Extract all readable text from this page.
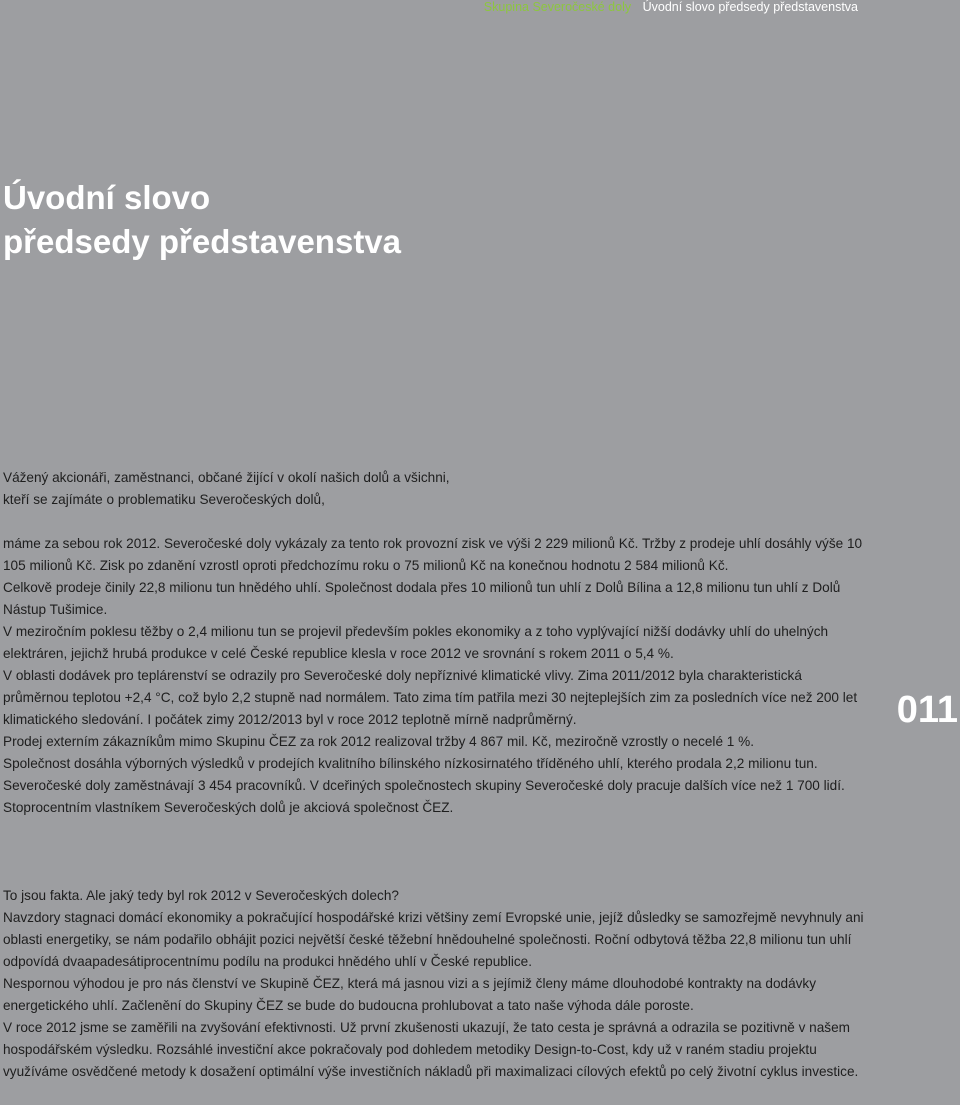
Skupina Severočeské doly Úvodní slovo předsedy představenstva
Úvodní slovo
předsedy představenstva
011

Vážený akcionáři, zaměstnanci, občané žijící v okolí našich dolů a všichni,

kteří se zajímáte o problematiku Severočeských dolů,

máme za sebou rok 2012. Severočeské doly vykázaly za tento rok provozní zisk ve výši 2 229 milionů Kč. Tržby z prodeje uhlí dosáhly výše 10 105 milionů Kč. Zisk po zdanění vzrostl oproti předchozímu roku o 75 milionů Kč na konečnou hodnotu 2 584 milionů Kč.

Celkově prodeje činily 22,8 milionu tun hnědého uhlí. Společnost dodala přes 10 milionů tun uhlí z Dolů Bílina a 12,8 milionu tun uhlí z Dolů Nástup Tušimice.

V meziročním poklesu těžby o 2,4 milionu tun se projevil především pokles ekonomiky a z toho vyplývající nižší dodávky uhlí do uhelných elektráren, jejichž hrubá produkce v celé České republice klesla v roce 2012 ve srovnání s rokem 2011 o 5,4 %.

V oblasti dodávek pro teplárenství se odrazily pro Severočeské doly nepříznivé klimatické vlivy. Zima 2011/2012 byla charakteristická průměrnou teplotou +2,4 °C, což bylo 2,2 stupně nad normálem. Tato zima tím patřila mezi 30 nejteplejších zim za posledních více než 200 let klimatického sledování. I počátek zimy 2012/2013 byl v roce 2012 teplotně mírně nadprůměrný.

Prodej externím zákazníkům mimo Skupinu ČEZ za rok 2012 realizoval tržby 4 867 mil. Kč, meziročně vzrostly o necelé 1 %.

Společnost dosáhla výborných výsledků v prodejích kvalitního bílinského nízkosirnatého tříděného uhlí, kterého prodala 2,2 milionu tun.

Severočeské doly zaměstnávají 3 454 pracovníků. V dceřiných společnostech skupiny Severočeské doly pracuje dalších více než 1 700 lidí. Stoprocentním vlastníkem Severočeských dolů je akciová společnost ČEZ.

To jsou fakta. Ale jaký tedy byl rok 2012 v Severočeských dolech?

Navzdory stagnaci domácí ekonomiky a pokračující hospodářské krizi většiny zemí Evropské unie, jejíž důsledky se samozřejmě nevyhnuly ani oblasti energetiky, se nám podařilo obhájit pozici největší české těžební hnědouhelné společnosti. Roční odbytová těžba 22,8 milionu tun uhlí odpovídá dvaapadesátiprocentnímu podílu na produkci hnědého uhlí v České republice.

Nespornou výhodou je pro nás členství ve Skupině ČEZ, která má jasnou vizi a s jejímiž členy máme dlouhodobé kontrakty na dodávky energetického uhlí. Začlenění do Skupiny ČEZ se bude do budoucna prohlubovat a tato naše výhoda dále poroste.

V roce 2012 jsme se zaměřili na zvyšování efektivnosti. Už první zkušenosti ukazují, že tato cesta je správná a odrazila se pozitivně v našem hospodářském výsledku. Rozsáhlé investiční akce pokračovaly pod dohledem metodiky Design-to-Cost, kdy už v raném stadiu projektu využíváme osvědčené metody k dosažení optimální výše investičních nákladů při maximalizaci cílových efektů po celý životní cyklus investice.
